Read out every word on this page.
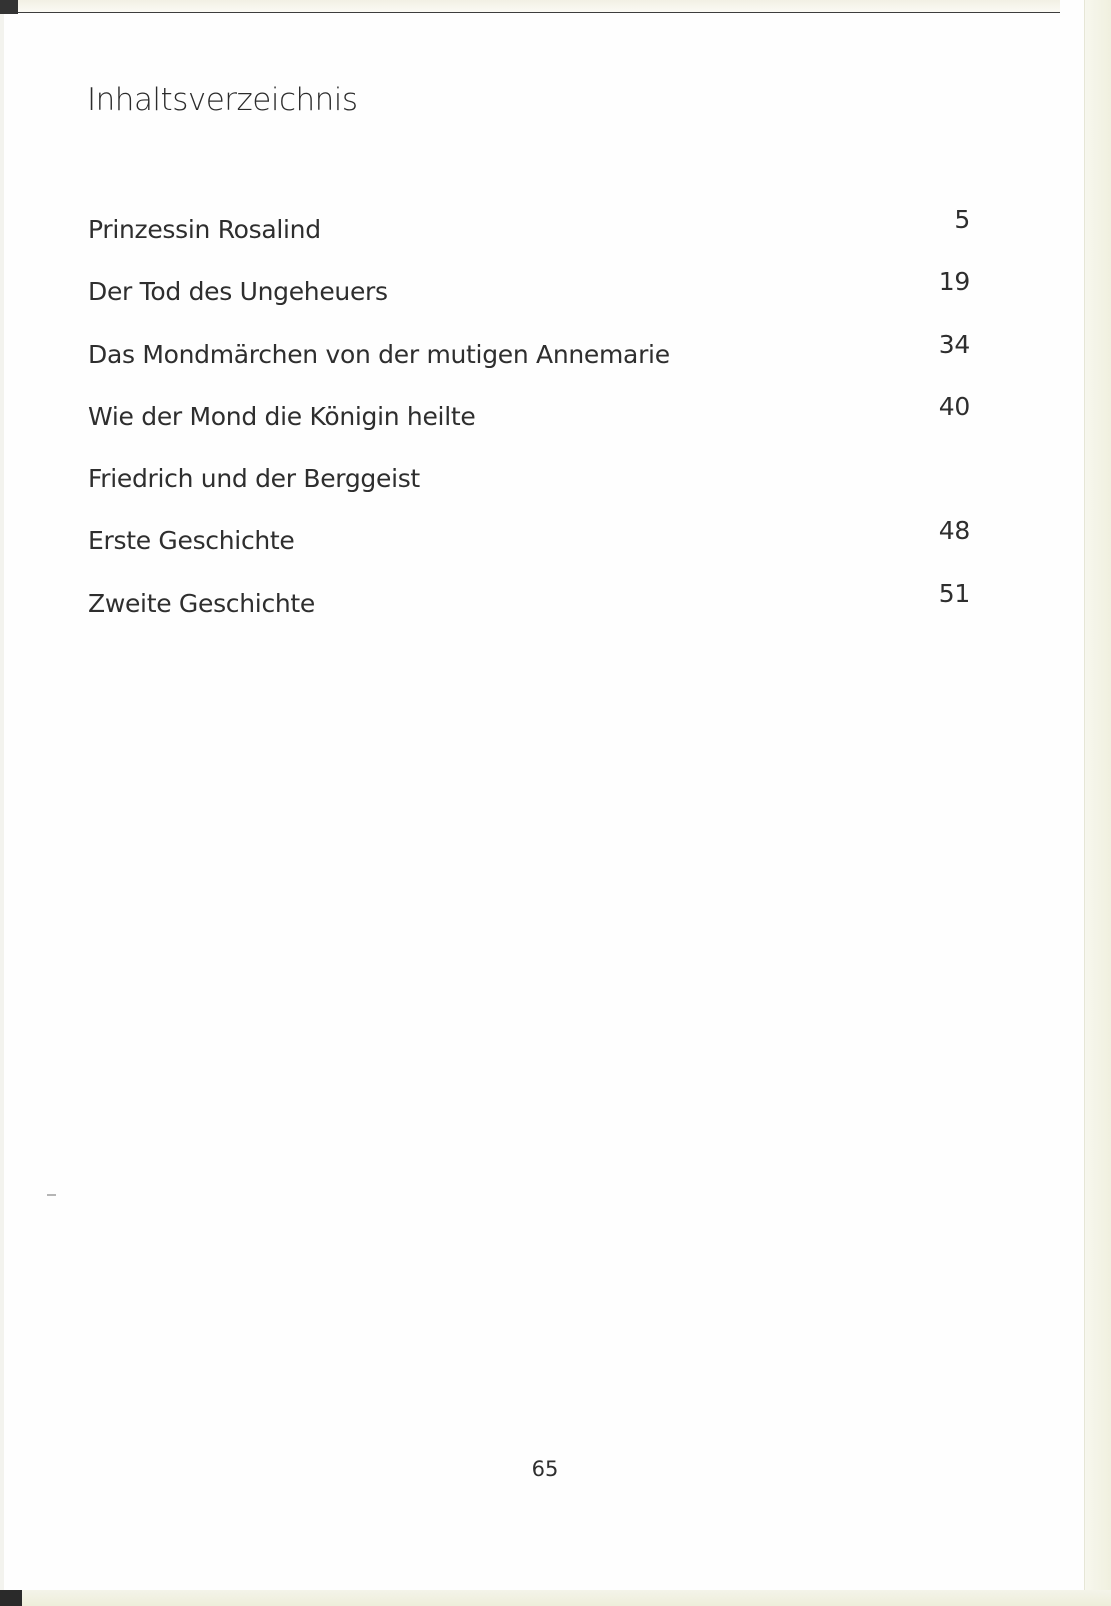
Inhaltsverzeichnis
Prinzessin Rosalind	5
Der Tod des Ungeheuers	19
Das Mondmärchen von der mutigen Annemarie	34
Wie der Mond die Königin heilte	40
Friedrich und der Berggeist
Erste Geschichte	48
Zweite Geschichte	51
65
